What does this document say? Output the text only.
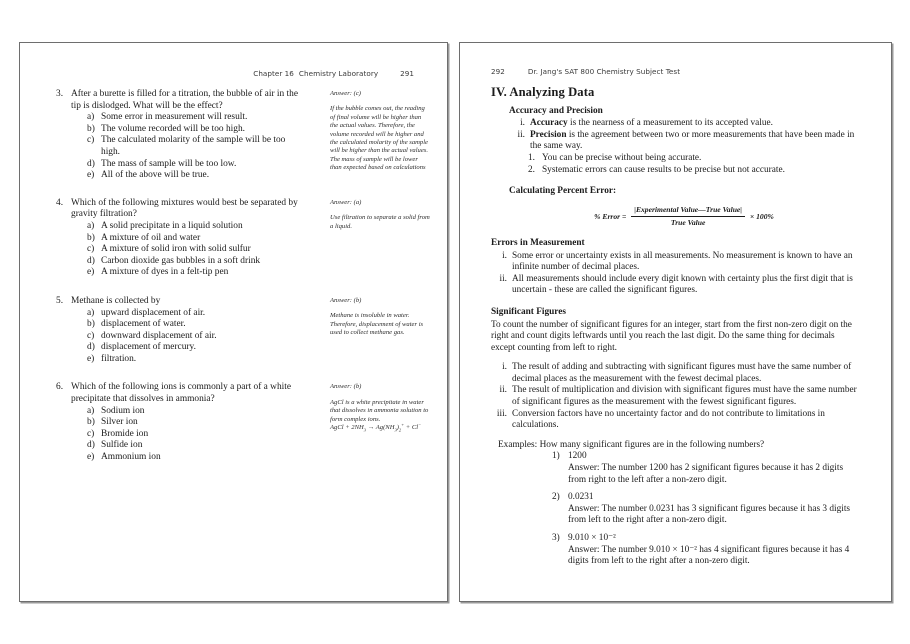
Chapter 16 Chemistry Laboratory	291
3. After a burette is filled for a titration, the bubble of air in the tip is dislodged. What will be the effect?
a) Some error in measurement will result.
b) The volume recorded will be too high.
c) The calculated molarity of the sample will be too high.
d) The mass of sample will be too low.
e) All of the above will be true.
Answer: (c)

If the bubble comes out, the reading of final volume will be higher than the actual values. Therefore, the volume recorded will be higher and the calculated molarity of the sample will be higher than the actual values.

The mass of sample will be lower than expected based on calculations

4. Which of the following mixtures would best be separated by gravity filtration?
a) A solid precipitate in a liquid solution
b) A mixture of oil and water
c) A mixture of solid iron with solid sulfur
d) Carbon dioxide gas bubbles in a soft drink
e) A mixture of dyes in a felt-tip pen
Answer: (a)

Use filtration to separate a solid from a liquid.

5. Methane is collected by
a) upward displacement of air.
b) displacement of water.
c) downward displacement of air.
d) displacement of mercury.
e) filtration.
Answer: (b)

Methane is insoluble in water. Therefore, displacement of water is used to collect methane gas.

6. Which of the following ions is commonly a part of a white precipitate that dissolves in ammonia?
a) Sodium ion
b) Silver ion
c) Bromide ion
d) Sulfide ion
e) Ammonium ion
Answer: (b)

AgCl is a white precipitate in water that dissolves in ammonia solution to form complex ions.

AgCl + $2NH_3 \to Ag(NH_3)_2^+ + Cl^-$

292	Dr. Jang's SAT 800 Chemistry Subject Test
IV. Analyzing Data
Accuracy and Precision
i. Accuracy is the nearness of a measurement to its accepted value.
ii. Precision is the agreement between two or more measurements that have been made in the same way.
1. You can be precise without being accurate.
2. Systematic errors can cause results to be precise but not accurate.
Calculating Percent Error:
% Error = $\frac{\text{|Experimental Value—True Value|}}{\text{True Value}} \times 100\%$
Errors in Measurement
i. Some error or uncertainty exists in all measurements. No measurement is known to have an infinite number of decimal places.
ii. All measurements should include every digit known with certainty plus the first digit that is uncertain - these are called the significant figures.
Significant Figures

To count the number of significant figures for an integer, start from the first non-zero digit on the right and count digits leftwards until you reach the last digit. Do the same thing for decimals except counting from left to right.

i. The result of adding and subtracting with significant figures must have the same number of decimal places as the measurement with the fewest decimal places.
ii. The result of multiplication and division with significant figures must have the same number of significant figures as the measurement with the fewest significant figures.
iii. Conversion factors have no uncertainty factor and do not contribute to limitations in calculations.
Examples: How many significant figures are in the following numbers?
1) 1200
Answer: The number 1200 has 2 significant figures because it has 2 digits from right to the left after a non-zero digit.
2) 0.0231
Answer: The number 0.0231 has 3 significant figures because it has 3 digits from left to the right after a non-zero digit.
3) 9.010 × 10⁻²
Answer: The number 9.010 × 10⁻² has 4 significant figures because it has 4 digits from left to the right after a non-zero digit.
